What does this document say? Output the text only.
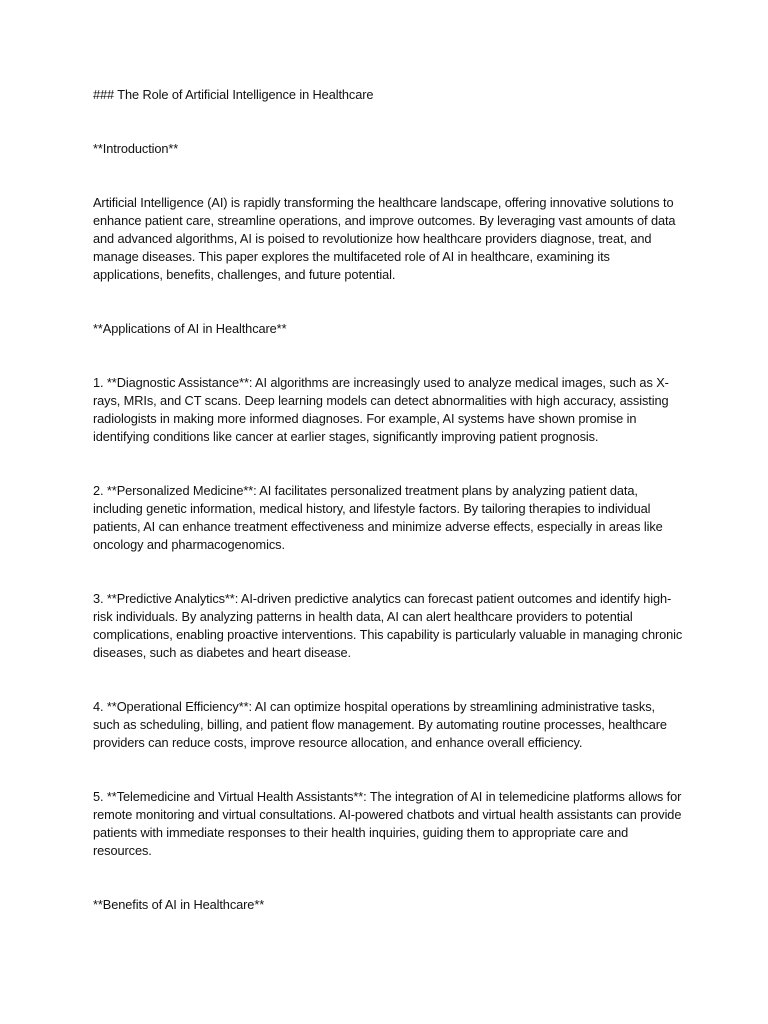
### The Role of Artificial Intelligence in Healthcare

**Introduction**

Artificial Intelligence (AI) is rapidly transforming the healthcare landscape, offering innovative solutions to enhance patient care, streamline operations, and improve outcomes. By leveraging vast amounts of data and advanced algorithms, AI is poised to revolutionize how healthcare providers diagnose, treat, and manage diseases. This paper explores the multifaceted role of AI in healthcare, examining its applications, benefits, challenges, and future potential.

**Applications of AI in Healthcare**

1. **Diagnostic Assistance**: AI algorithms are increasingly used to analyze medical images, such as X-rays, MRIs, and CT scans. Deep learning models can detect abnormalities with high accuracy, assisting radiologists in making more informed diagnoses. For example, AI systems have shown promise in identifying conditions like cancer at earlier stages, significantly improving patient prognosis.

2. **Personalized Medicine**: AI facilitates personalized treatment plans by analyzing patient data, including genetic information, medical history, and lifestyle factors. By tailoring therapies to individual patients, AI can enhance treatment effectiveness and minimize adverse effects, especially in areas like oncology and pharmacogenomics.

3. **Predictive Analytics**: AI-driven predictive analytics can forecast patient outcomes and identify high-risk individuals. By analyzing patterns in health data, AI can alert healthcare providers to potential complications, enabling proactive interventions. This capability is particularly valuable in managing chronic diseases, such as diabetes and heart disease.

4. **Operational Efficiency**: AI can optimize hospital operations by streamlining administrative tasks, such as scheduling, billing, and patient flow management. By automating routine processes, healthcare providers can reduce costs, improve resource allocation, and enhance overall efficiency.

5. **Telemedicine and Virtual Health Assistants**: The integration of AI in telemedicine platforms allows for remote monitoring and virtual consultations. AI-powered chatbots and virtual health assistants can provide patients with immediate responses to their health inquiries, guiding them to appropriate care and resources.

**Benefits of AI in Healthcare**
